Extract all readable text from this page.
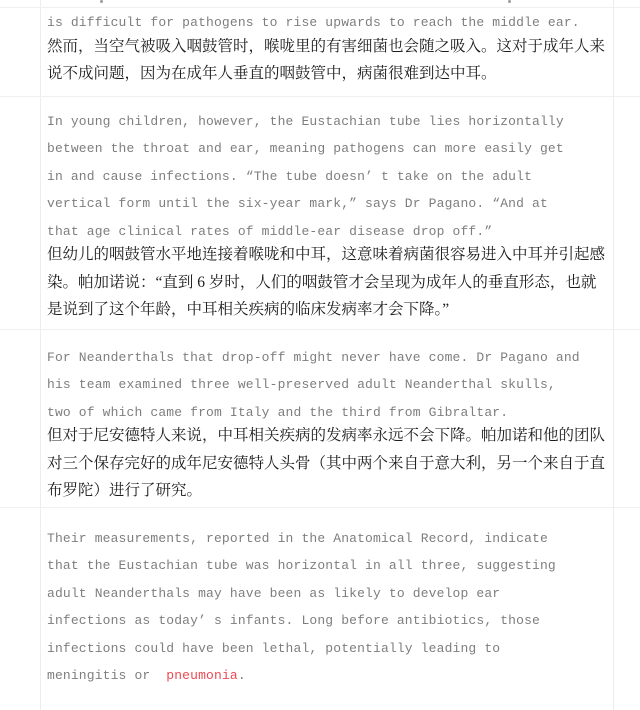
is difficult for pathogens to rise upwards to reach the middle ear.
然而，当空气被吸入咽鼓管时，喉咙里的有害细菌也会随之吸入。这对于成年人来
说不成问题，因为在成年人垂直的咽鼓管中，病菌很难到达中耳。
In young children, however, the Eustachian tube lies horizontally
between the throat and ear, meaning pathogens can more easily get
in and cause infections. “The tube doesn’ t take on the adult
vertical form until the six-year mark,” says Dr Pagano. “And at
that age clinical rates of middle-ear disease drop off.”
但幼儿的咽鼓管水平地连接着喉咙和中耳，这意味着病菌很容易进入中耳并引起感
染。帕加诺说：“直到 6 岁时，人们的咽鼓管才会呈现为成年人的垂直形态，也就
是说到了这个年龄，中耳相关疾病的临床发病率才会下降。”
For Neanderthals that drop-off might never have come. Dr Pagano and
his team examined three well-preserved adult Neanderthal skulls,
two of which came from Italy and the third from Gibraltar.
但对于尼安德特人来说，中耳相关疾病的发病率永远不会下降。帕加诺和他的团队
对三个保存完好的成年尼安德特人头骨（其中两个来自于意大利，另一个来自于直
布罗陀）进行了研究。
Their measurements, reported in the Anatomical Record, indicate
that the Eustachian tube was horizontal in all three, suggesting
adult Neanderthals may have been as likely to develop ear
infections as today’ s infants. Long before antibiotics, those
infections could have been lethal, potentially leading to
meningitis or  pneumonia.
